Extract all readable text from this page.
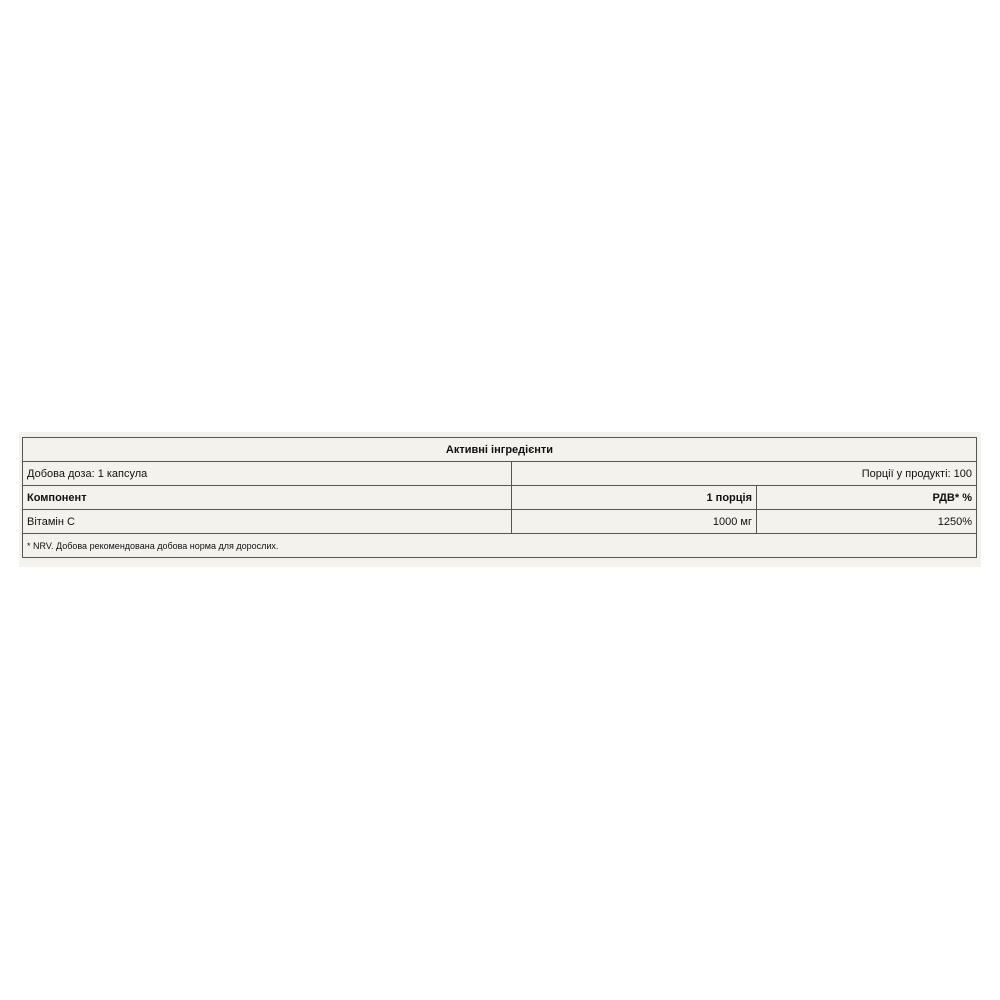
Активні інгредієнти		
Добова доза: 1 капсула	Порції у продукті: 100	
Компонент	1 порція	РДВ* %
Вітамін C	1000 мг	1250%
* NRV. Добова рекомендована добова норма для дорослих.		
